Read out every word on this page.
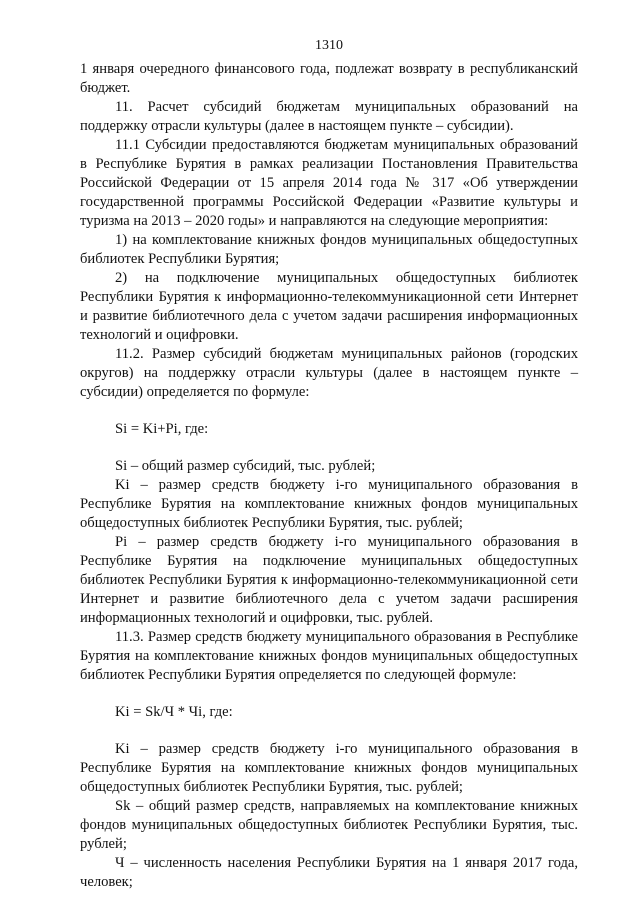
1310

1 января очередного финансового года, подлежат возврату в республиканский бюджет.

11. Расчет субсидий бюджетам муниципальных образований на поддержку отрасли культуры (далее в настоящем пункте – субсидии).

11.1 Субсидии предоставляются бюджетам муниципальных образований в Республике Бурятия в рамках реализации Постановления Правительства Российской Федерации от 15 апреля 2014 года № 317 «Об утверждении государственной программы Российской Федерации «Развитие культуры и туризма на 2013 – 2020 годы» и направляются на следующие мероприятия:

1) на комплектование книжных фондов муниципальных общедоступных библиотек Республики Бурятия;

2) на подключение муниципальных общедоступных библиотек Республики Бурятия к информационно-телекоммуникационной сети Интернет и развитие библиотечного дела с учетом задачи расширения информационных технологий и оцифровки.

11.2. Размер субсидий бюджетам муниципальных районов (городских округов) на поддержку отрасли культуры (далее в настоящем пункте – субсидии) определяется по формуле:

Si = Ki+Pi, где:

Si – общий размер субсидий, тыс. рублей;

Ki – размер средств бюджету i-го муниципального образования в Республике Бурятия на комплектование книжных фондов муниципальных общедоступных библиотек Республики Бурятия, тыс. рублей;

Pi – размер средств бюджету i-го муниципального образования в Республике Бурятия на подключение муниципальных общедоступных библиотек Республики Бурятия к информационно-телекоммуникационной сети Интернет и развитие библиотечного дела с учетом задачи расширения информационных технологий и оцифровки, тыс. рублей.

11.3. Размер средств бюджету муниципального образования в Республике Бурятия на комплектование книжных фондов муниципальных общедоступных библиотек Республики Бурятия определяется по следующей формуле:

Ki = Sk/Ч * Чi, где:

Ki – размер средств бюджету i-го муниципального образования в Республике Бурятия на комплектование книжных фондов муниципальных общедоступных библиотек Республики Бурятия, тыс. рублей;

Sk – общий размер средств, направляемых на комплектование книжных фондов муниципальных общедоступных библиотек Республики Бурятия, тыс. рублей;

Ч – численность населения Республики Бурятия на 1 января 2017 года, человек;
